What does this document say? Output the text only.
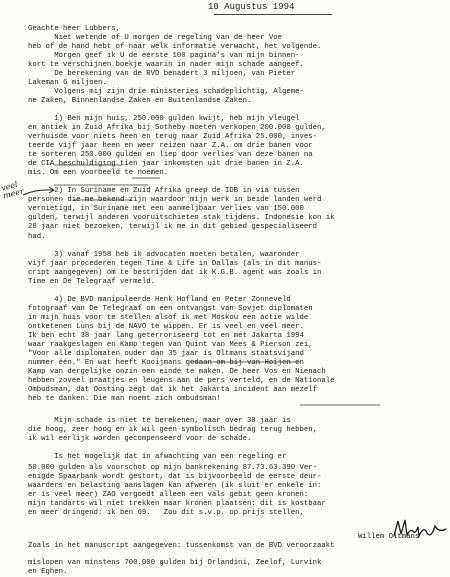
10 Augustus 1994
Geachte heer Lubbers,
Niet wetende of U morgen de regeling van de heer Voe
heb of de hand hebt of naar welk informatie verwacht, het volgende.
Morgen geef ik U de eerste 100 pagina's van mijn binnen-
kort te verschijnen boekje waarin in nader mijn schade aangeef.
De berekening van de RVD benadert 3 miljoen, van Pieter
Lakeman 6 miljoen.
Volgens mij zijn drie ministeries schadeplichtig, Algeme-
ne Zaken, Binnenlandse Zaken en Buitenlandse Zaken.
1) Ben mijn huis, 250.000 gulden kwijt, heb mijn vleugel
en antiek in Zuid Afrika bij Sotheby moeten verkopen 200.000 gulden,
verhuisde voor niets heen en terug naar Zuid Afrika 25.000, inves-
teerde vijf jaar heen en weer reizen naar Z.A. om drie banen voor
te sorteren 250.000 gulden en liep door verlies van deze banen na
de CIA beschuldiging tien jaar inkomsten uit drie banen in Z.A.
mis. Om een voorbeeld te noemen.
2) In Suriname en Zuid Afrika greep de IDB in via tussen
personen die me bekend zijn waardoor mijn werk in beide landen werd
vernietigd, in Suriname met een aanmeljbaar verlies van 150.000
gulden, terwijl anderen vooruitschieten stak tijdens. Indonesie kon ik
28 jaar niet bezoeken, terwijl ik me in dit gebied gespecialiseerd
had.
3) vanaf 1958 heb ik advocaten moeten betalen, waaronder
vijf jaar procederen tegen Time & Life in Dallas (als in dit manus-
cript aangegeven) om te bestrijden dat ik K.G.B. agent was zoals in
Time en De Telegraaf vermeld.
4) De BVD manipuleerde Henk Hofland en Peter Zonneveld
fotograaf van De Telegraaf om een ontvangst van Sovjet diplomaten
in mijn huis voor te stellen alsof ik met Moskou een actie wilde
ontketenen Luns bij de NAVO te wippen. Er is veel en veel meer.
Ik ben echt 38 jaar lang geterroriseerd tot en met Jakarta 1994
waar raakgeslagen en Kamp tegen van Quint van Mees & Pierson zei,
"Voor alle diplomaten ouder dan 35 jaar is Oltmans staatsvijand
nummer één." En wat heeft Kooijmans gedaan om bij van Hoijen en
Kamp van dergelijke onzin een einde te maken. De heer Vos en Nienach
hebben zoveel praatjes en leugens aan de pers verteld, en de Nationale
Ombudsman, dat Oosting zegt dat ik het Jakarta incident aan mezelf
heb te danken. Die man noemt zich ombudsman!
Mijn schade is niet te berekenen, maar over 38 jaar is
die hoog, zeer hoog en ik wil geen symbolisch bedrag terug hebben,
ik wil eerlijk worden gecompenseerd voor de schade.
Is het mogelijk dat in afwachting van een regeling er
50.000 gulden als voorschot op mijn bankrekening 87.73.63.390 Ver-
enigde Spaarbank wordt gestort, dat is bijvoorbeeld de eerste deur-
waarders en belasting aanslagen kan afweren (ik sluit er enkele in:
er is veel meer) ZAO vergoedt alleen een vals gebit geen kronen:
mijn tandarts wil niet trekken maar kronen plaatsen: dit is kostbaar
en meer dringend: ik ben 69.   Zou dit s.v.p. op prijs stellen,
Zoals in het manuscript aangegeven: tussenkomst van de BVD veroorzaakt
mislopen van minstens 700.000 gulden bij Orlandini, Zeelof, Lurvink
en Eghen.
veel meer
Willem Oltmans
